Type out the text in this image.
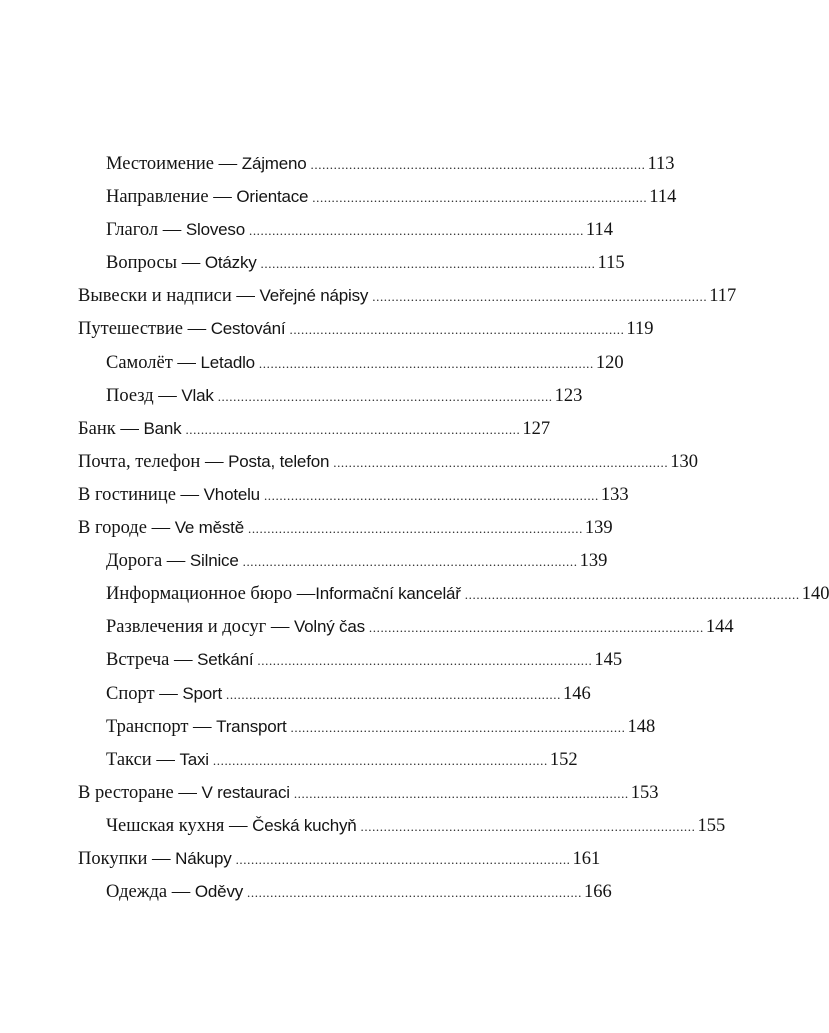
Местоимение — Zájmeno ....................................................................................... 113
Направление — Orientace ....................................................................................... 114
Глагол — Sloveso ....................................................................................... 114
Вопросы — Otázky ....................................................................................... 115
Вывески и надписи — Veřejné nápisy ....................................................................................... 117
Путешествие — Cestování ....................................................................................... 119
Самолёт — Letadlo ....................................................................................... 120
Поезд — Vlak ....................................................................................... 123
Банк — Bank ....................................................................................... 127
Почта, телефон — Posta, telefon ....................................................................................... 130
В гостинице — Vhotelu ....................................................................................... 133
В городе — Ve městě ....................................................................................... 139
Дорога — Silnice ....................................................................................... 139
Информационное бюро — Informační kancelář ....................................................................................... 140
Развлечения и досуг — Volný čas ....................................................................................... 144
Встреча — Setkání ....................................................................................... 145
Спорт — Sport ....................................................................................... 146
Транспорт — Transport ....................................................................................... 148
Такси — Taxi ....................................................................................... 152
В ресторане — V restauraci ....................................................................................... 153
Чешская кухня — Česká kuchyň ....................................................................................... 155
Покупки — Nákupy ....................................................................................... 161
Одежда — Oděvy ....................................................................................... 166
